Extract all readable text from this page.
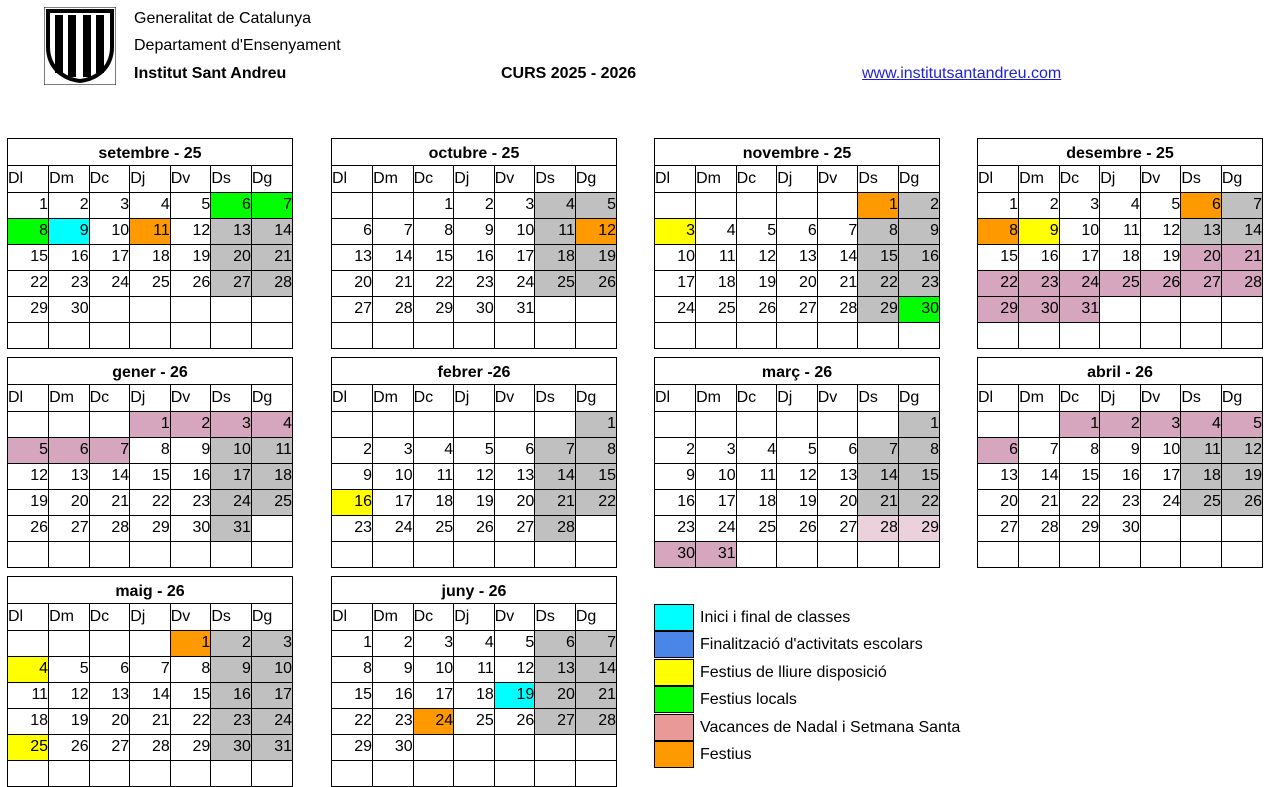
Generalitat de Catalunya
Departament d'Ensenyament
Institut Sant Andreu	CURS 2025 - 2026	www.institutsantandreu.com
setembre - 25
Dl	Dm	Dc	Dj	Dv	Ds	Dg
1	2	3	4	5	6	7
8	9	10	11	12	13	14
15	16	17	18	19	20	21
22	23	24	25	26	27	28
29	30					

octubre - 25
Dl	Dm	Dc	Dj	Dv	Ds	Dg
		1	2	3	4	5
6	7	8	9	10	11	12
13	14	15	16	17	18	19
20	21	22	23	24	25	26
27	28	29	30	31		

novembre - 25
Dl	Dm	Dc	Dj	Dv	Ds	Dg
					1	2
3	4	5	6	7	8	9
10	11	12	13	14	15	16
17	18	19	20	21	22	23
24	25	26	27	28	29	30

desembre - 25
Dl	Dm	Dc	Dj	Dv	Ds	Dg
1	2	3	4	5	6	7
8	9	10	11	12	13	14
15	16	17	18	19	20	21
22	23	24	25	26	27	28
29	30	31				

gener - 26
Dl	Dm	Dc	Dj	Dv	Ds	Dg
			1	2	3	4
5	6	7	8	9	10	11
12	13	14	15	16	17	18
19	20	21	22	23	24	25
26	27	28	29	30	31	

febrer -26
Dl	Dm	Dc	Dj	Dv	Ds	Dg
						1
2	3	4	5	6	7	8
9	10	11	12	13	14	15
16	17	18	19	20	21	22
23	24	25	26	27	28	

març - 26
Dl	Dm	Dc	Dj	Dv	Ds	Dg
						1
2	3	4	5	6	7	8
9	10	11	12	13	14	15
16	17	18	19	20	21	22
23	24	25	26	27	28	29
30	31					
abril - 26
Dl	Dm	Dc	Dj	Dv	Ds	Dg
		1	2	3	4	5
6	7	8	9	10	11	12
13	14	15	16	17	18	19
20	21	22	23	24	25	26
27	28	29	30			

maig - 26
Dl	Dm	Dc	Dj	Dv	Ds	Dg
				1	2	3
4	5	6	7	8	9	10
11	12	13	14	15	16	17
18	19	20	21	22	23	24
25	26	27	28	29	30	31

juny - 26
Dl	Dm	Dc	Dj	Dv	Ds	Dg
1	2	3	4	5	6	7
8	9	10	11	12	13	14
15	16	17	18	19	20	21
22	23	24	25	26	27	28
29	30					

Inici i final de classes
Finalització d'activitats escolars
Festius de lliure disposició
Festius locals
Vacances de Nadal i Setmana Santa
Festius
